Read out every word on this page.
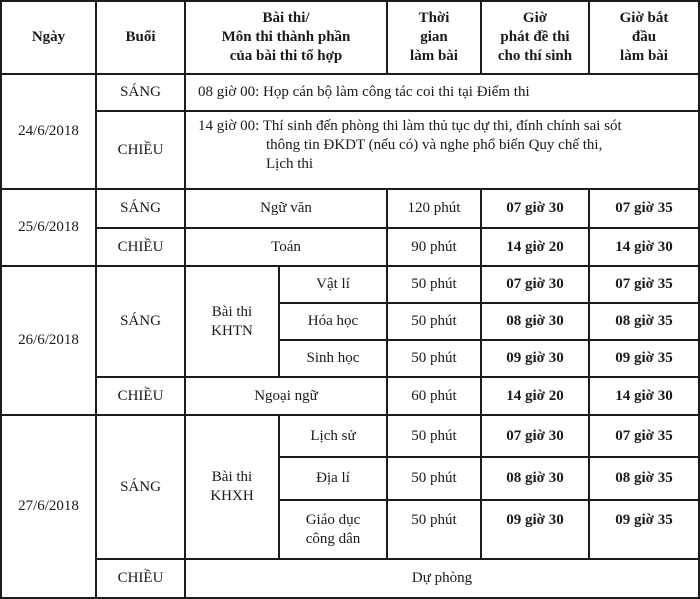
Ngày	Buổi	Bài thi/
Môn thi thành phần
của bài thi tổ hợp		Thời
gian
làm bài	Giờ
phát đề thi
cho thí sinh	Giờ bắt
đầu
làm bài
24/6/2018	SÁNG	08 giờ 00: Họp cán bộ làm công tác coi thi tại Điểm thi				
	CHIỀU	14 giờ 00: Thí sinh đến phòng thi làm thủ tục dự thi, đính chính sai sót
thông tin ĐKDT (nếu có) và nghe phổ biến Quy chế thi,
Lịch thi				

25/6/2018	SÁNG	Ngữ văn		120 phút	07 giờ 30	07 giờ 35
	CHIỀU	Toán		90 phút	14 giờ 20	14 giờ 30
26/6/2018	SÁNG	Bài thi
KHTN	Vật lí	50 phút	07 giờ 30	07 giờ 35
			Hóa học	50 phút	08 giờ 30	08 giờ 35
			Sinh học	50 phút	09 giờ 30	09 giờ 35
	CHIỀU	Ngoại ngữ		60 phút	14 giờ 20	14 giờ 30
27/6/2018	SÁNG	Bài thi
KHXH	Lịch sử	50 phút	07 giờ 30	07 giờ 35
			Địa lí	50 phút	08 giờ 30	08 giờ 35
			Giáo dục
công dân	50 phút	09 giờ 30	09 giờ 35
	CHIỀU	Dự phòng				
